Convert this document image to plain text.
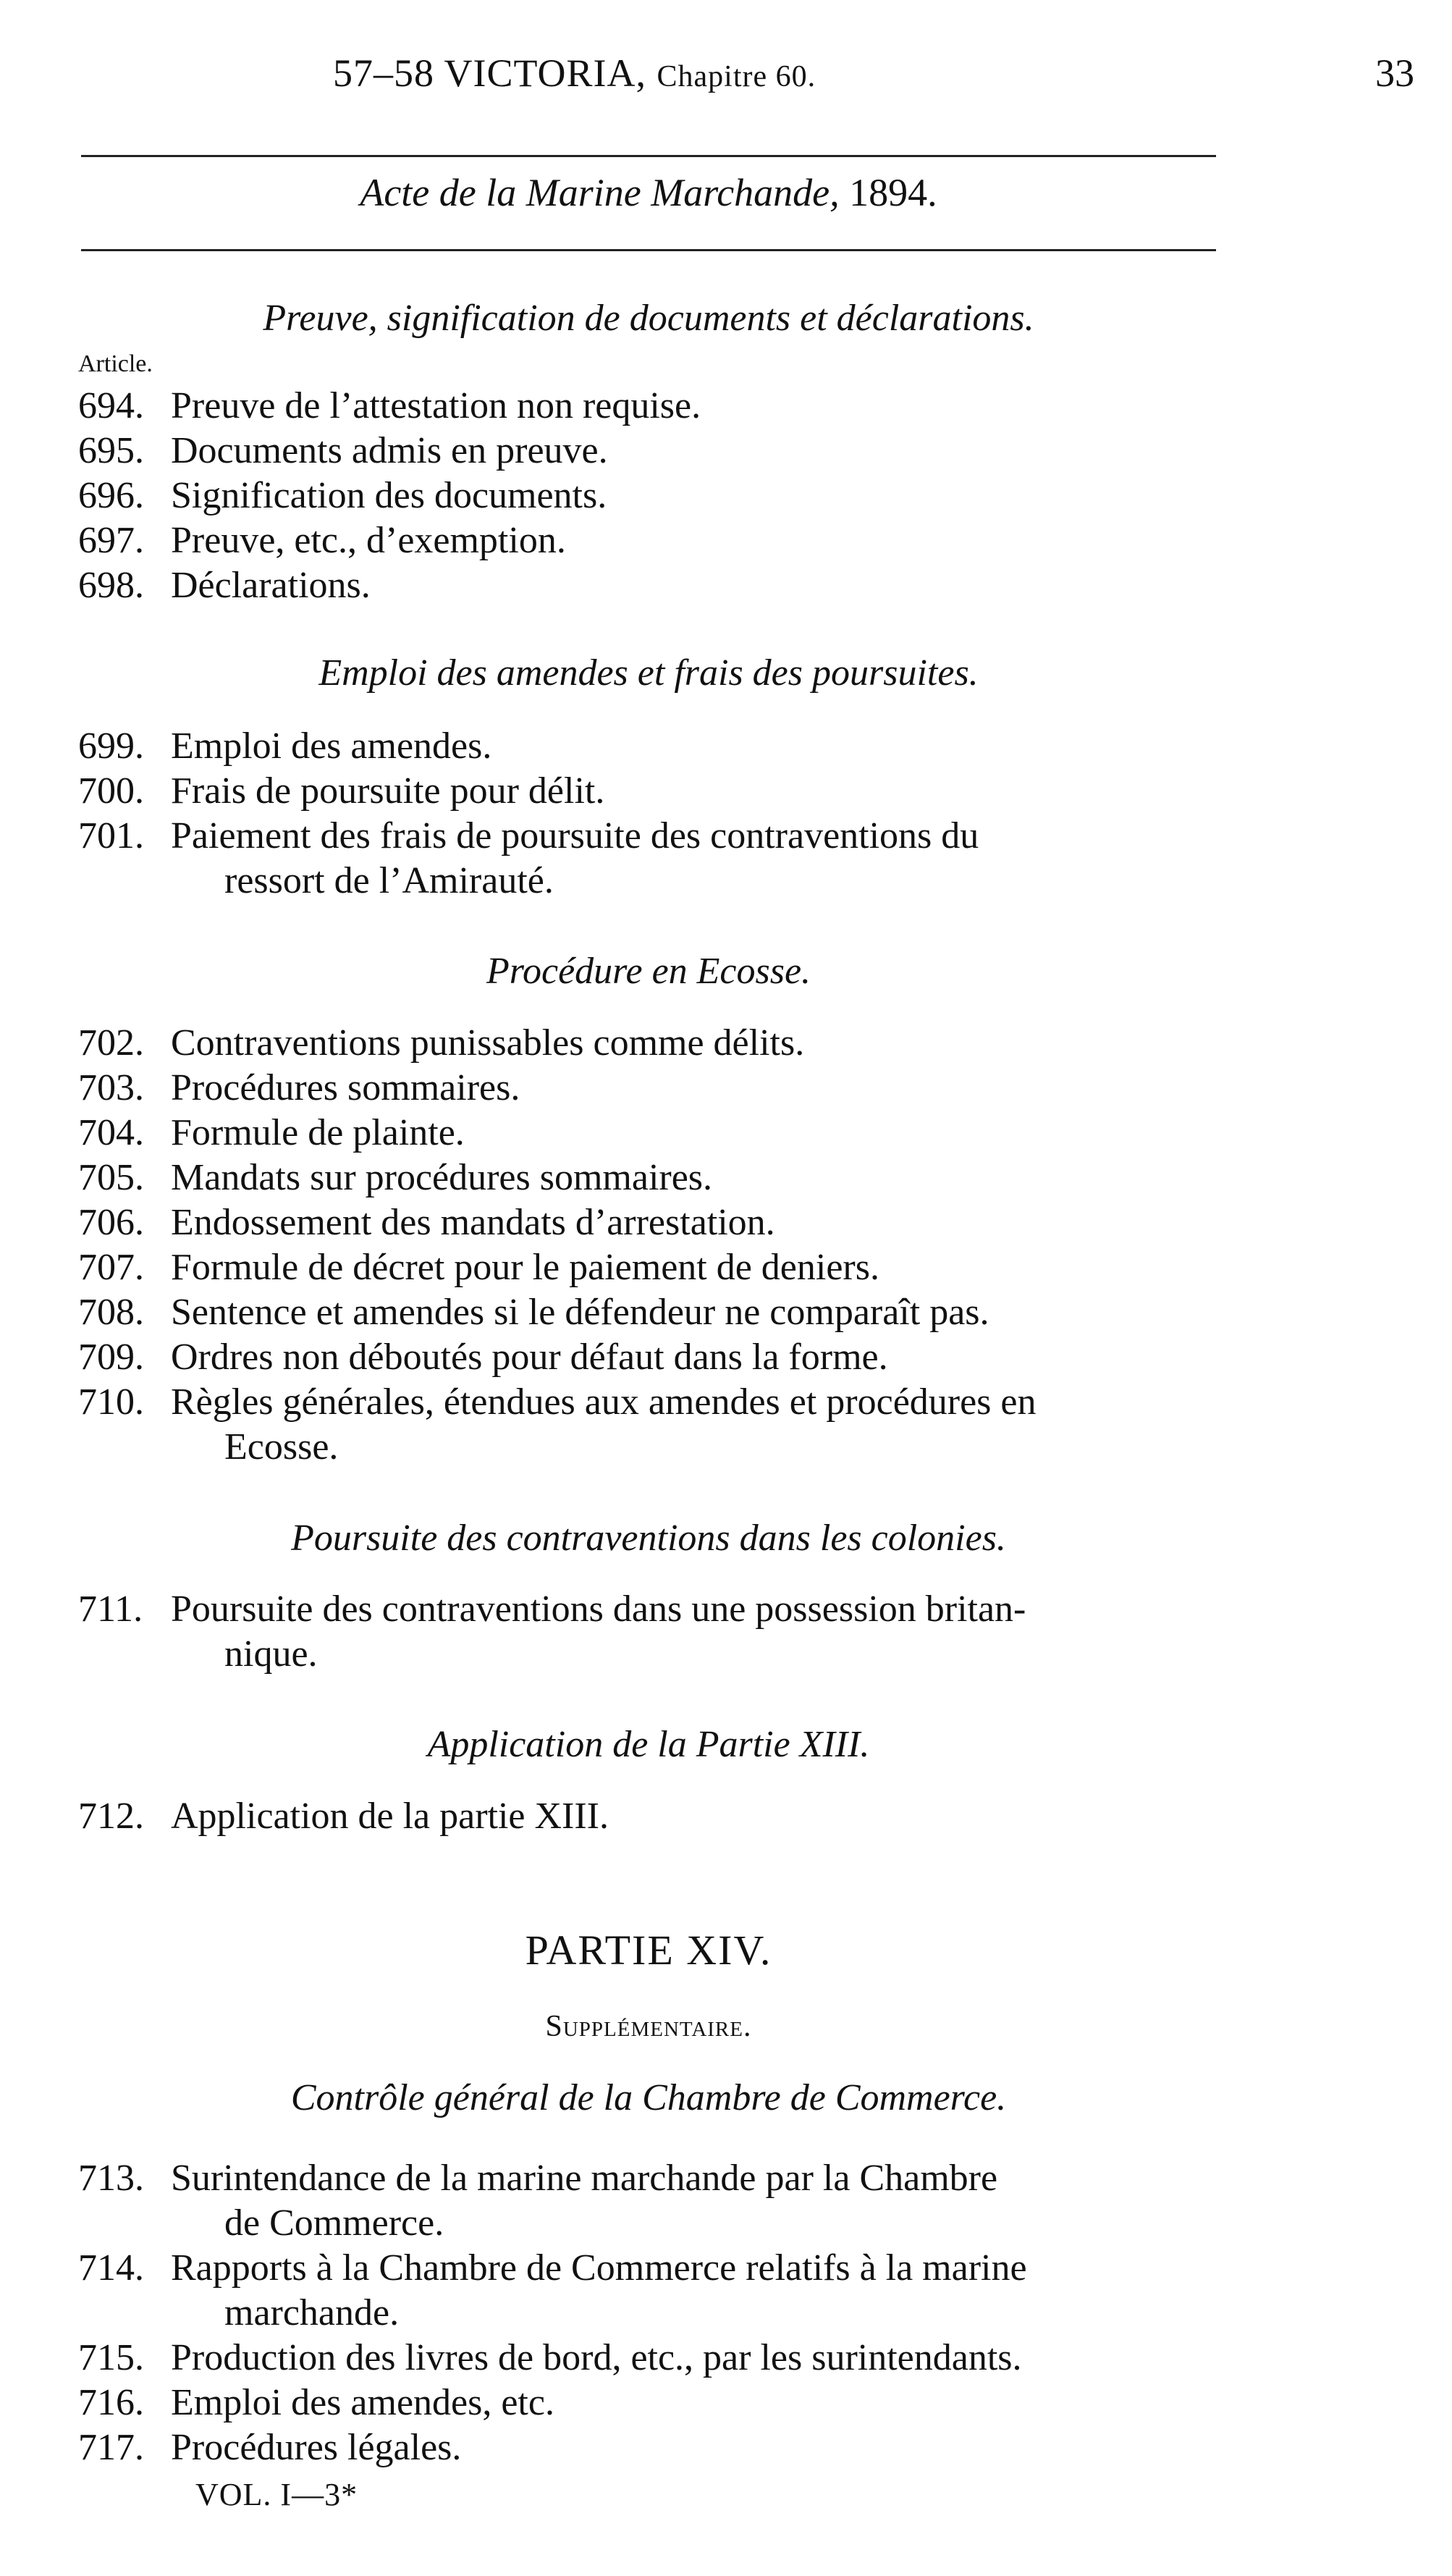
57–58 VICTORIA, Chapitre 60.	33
Acte de la Marine Marchande, 1894.
Preuve, signification de documents et déclarations.
Article.
694. Preuve de l’attestation non requise.
695. Documents admis en preuve.
696. Signification des documents.
697. Preuve, etc., d’exemption.
698. Déclarations.
Emploi des amendes et frais des poursuites.
699. Emploi des amendes.
700. Frais de poursuite pour délit.
701. Paiement des frais de poursuite des contraventions du
ressort de l’Amirauté.
Procédure en Ecosse.
702. Contraventions punissables comme délits.
703. Procédures sommaires.
704. Formule de plainte.
705. Mandats sur procédures sommaires.
706. Endossement des mandats d’arrestation.
707. Formule de décret pour le paiement de deniers.
708. Sentence et amendes si le défendeur ne comparaît pas.
709. Ordres non déboutés pour défaut dans la forme.
710. Règles générales, étendues aux amendes et procédures en
Ecosse.
Poursuite des contraventions dans les colonies.
711. Poursuite des contraventions dans une possession britan-
nique.
Application de la Partie XIII.
712. Application de la partie XIII.
PARTIE XIV.
Supplémentaire.
Contrôle général de la Chambre de Commerce.
713. Surintendance de la marine marchande par la Chambre
de Commerce.
714. Rapports à la Chambre de Commerce relatifs à la marine
marchande.
715. Production des livres de bord, etc., par les surintendants.
716. Emploi des amendes, etc.
717. Procédures légales.
VOL. I—3*
